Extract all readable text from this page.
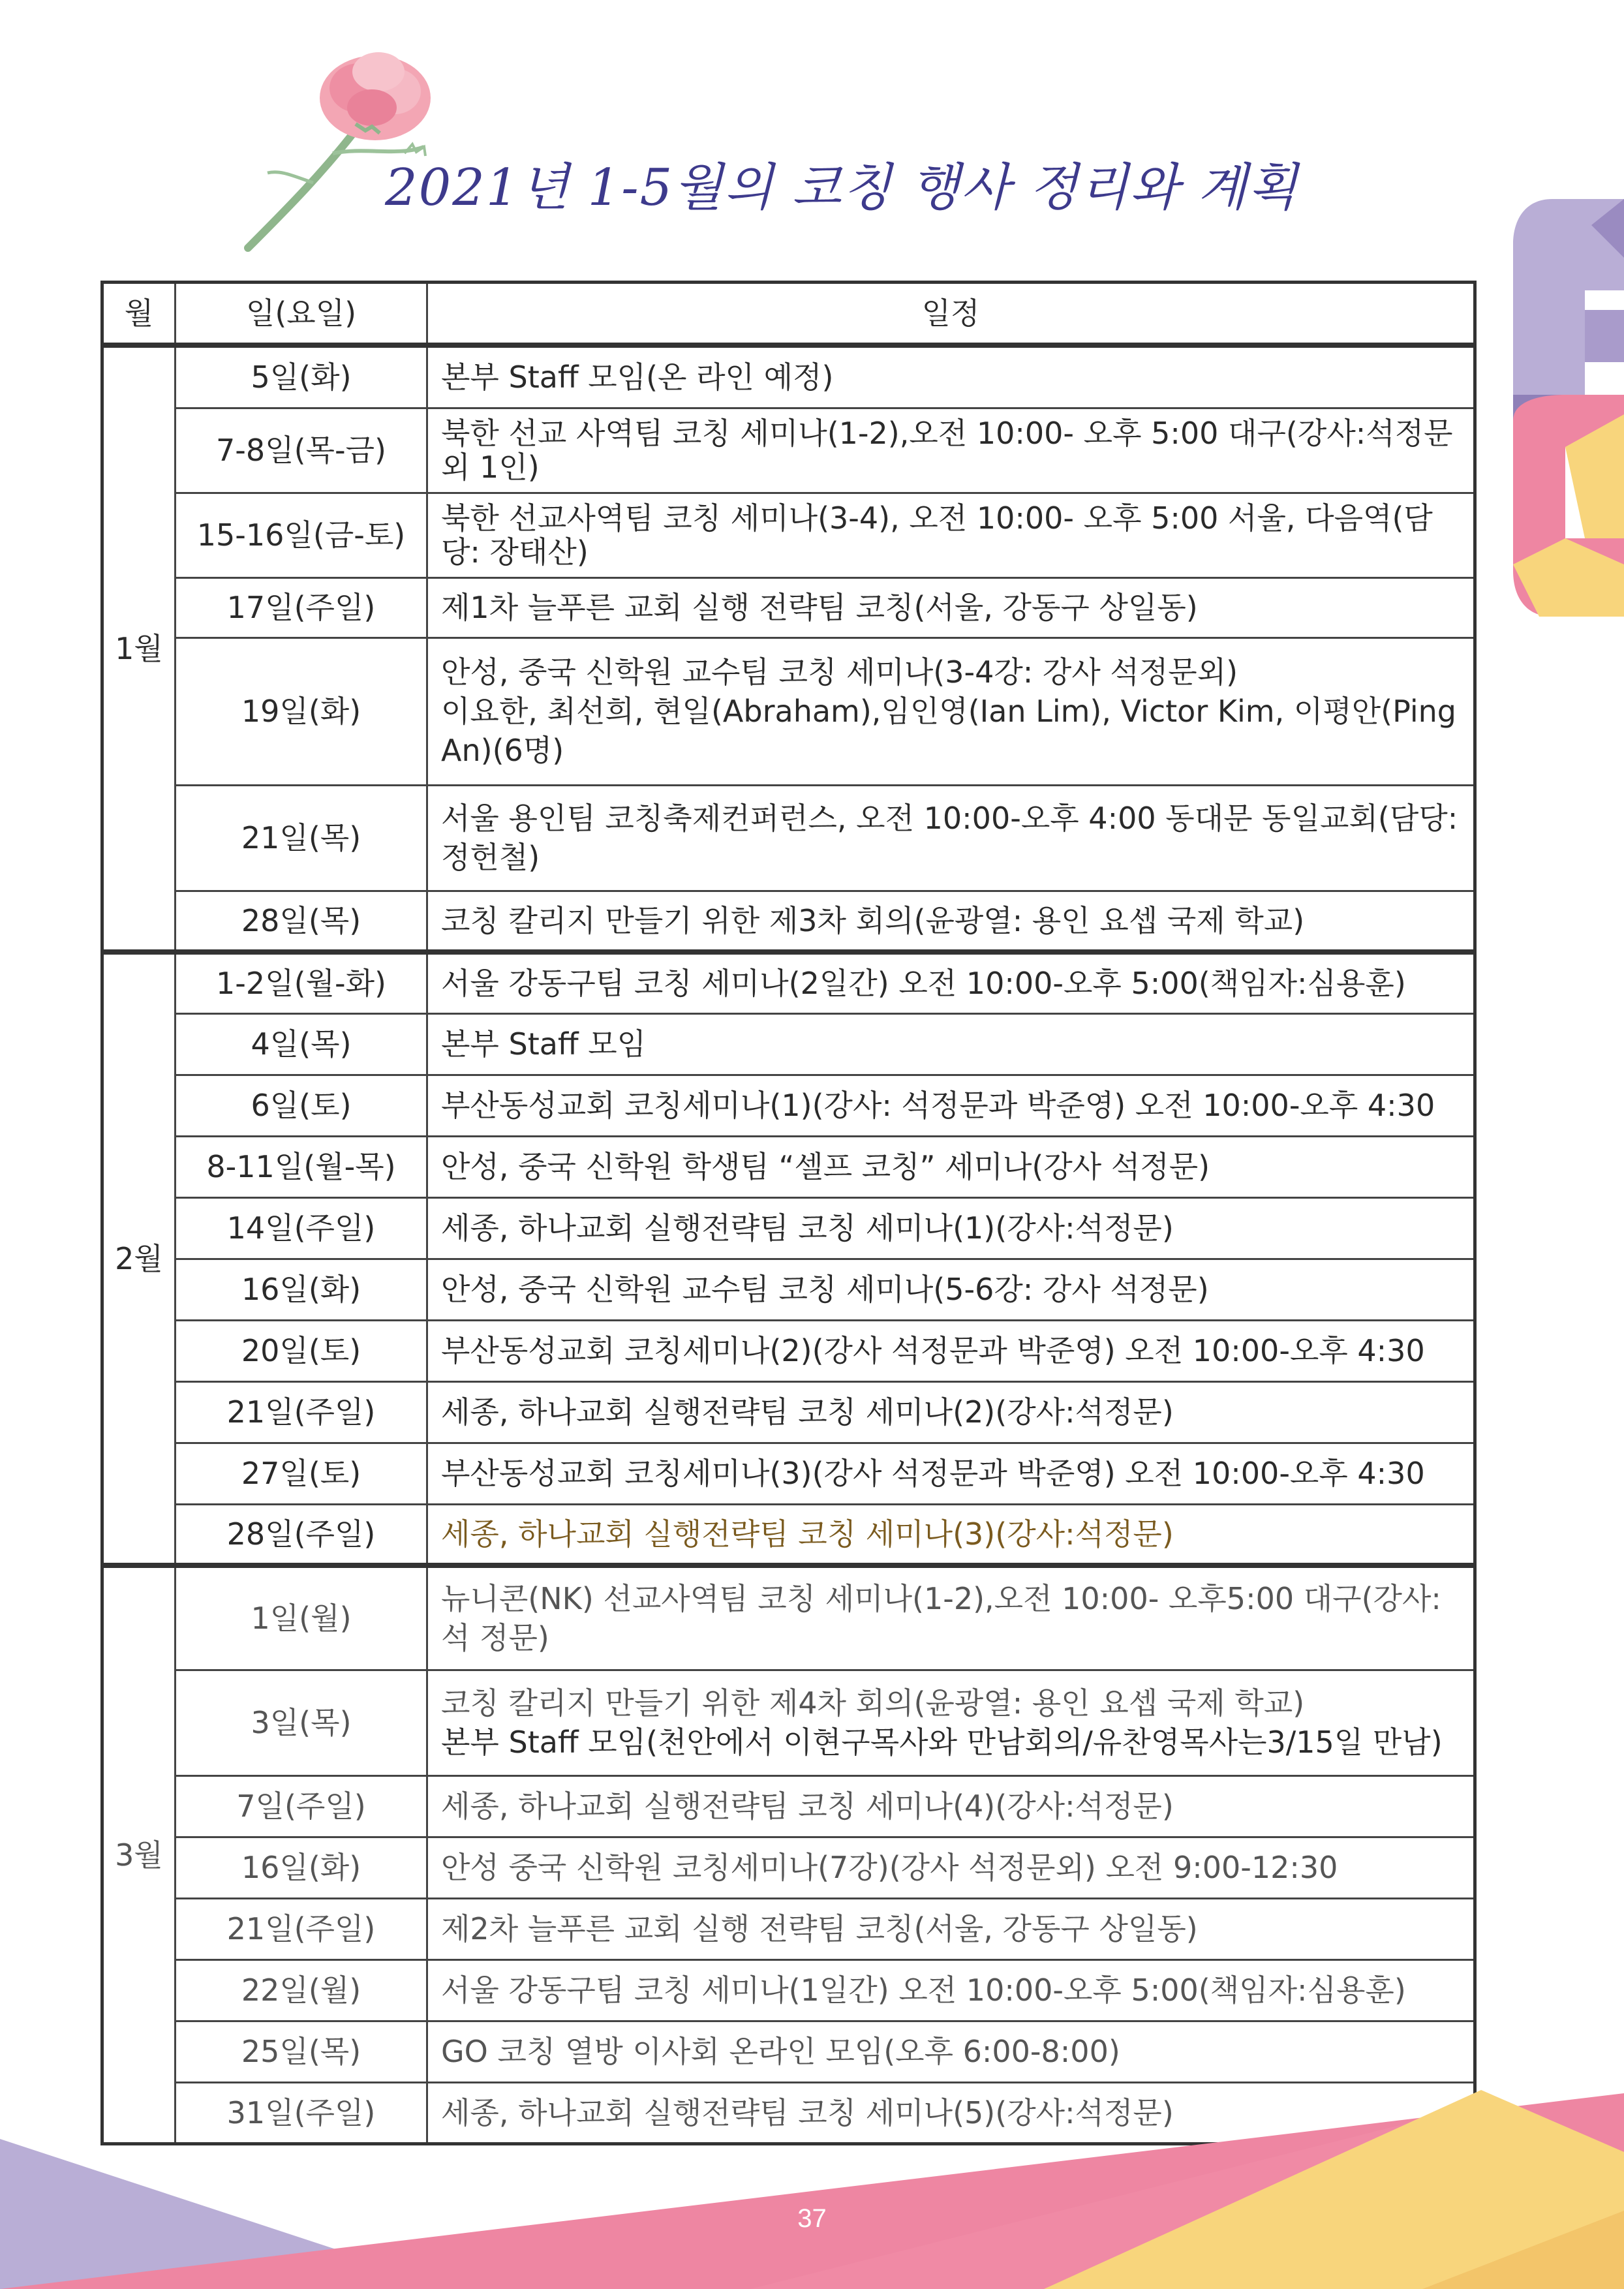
2021년 1-5월의 코칭 행사 정리와 계획
월	일(요일)	일정
1월	5일(화)	본부 Staff 모임(온 라인 예정)

	7-8일(목-금)	북한 선교 사역팀 코칭 세미나(1-2),오전 10:00- 오후 5:00 대구(강사:석정문 외 1인)

	15-16일(금-토)	북한 선교사역팀 코칭 세미나(3-4), 오전 10:00- 오후 5:00 서울, 다음역(담당: 장태산)

	17일(주일)	제1차 늘푸른 교회 실행 전략팀 코칭(서울, 강동구 상일동)

	19일(화)	안성, 중국 신학원 교수팀 코칭 세미나(3-4강: 강사 석정문외)
이요한, 최선희, 현일(Abraham),임인영(Ian Lim), Victor Kim, 이평안(Ping An)(6명)

	21일(목)	서울 용인팀 코칭축제컨퍼런스, 오전 10:00-오후 4:00 동대문 동일교회(담당: 정헌철)

	28일(목)	코칭 칼리지 만들기 위한 제3차 회의(윤광열: 용인 요셉 국제 학교)

2월	1-2일(월-화)	서울 강동구팀 코칭 세미나(2일간) 오전 10:00-오후 5:00(책임자:심용훈)

	4일(목)	본부 Staff 모임

	6일(토)	부산동성교회 코칭세미나(1)(강사: 석정문과 박준영) 오전 10:00-오후 4:30

	8-11일(월-목)	안성, 중국 신학원 학생팀 “셀프 코칭” 세미나(강사 석정문)

	14일(주일)	세종, 하나교회 실행전략팀 코칭 세미나(1)(강사:석정문)

	16일(화)	안성, 중국 신학원 교수팀 코칭 세미나(5-6강: 강사 석정문)

	20일(토)	부산동성교회 코칭세미나(2)(강사 석정문과 박준영) 오전 10:00-오후 4:30

	21일(주일)	세종, 하나교회 실행전략팀 코칭 세미나(2)(강사:석정문)

	27일(토)	부산동성교회 코칭세미나(3)(강사 석정문과 박준영) 오전 10:00-오후 4:30

	28일(주일)	세종, 하나교회 실행전략팀 코칭 세미나(3)(강사:석정문)

3월	1일(월)	뉴니콘(NK) 선교사역팀 코칭 세미나(1-2),오전 10:00- 오후5:00 대구(강사:석 정문)

	3일(목)	코칭 칼리지 만들기 위한 제4차 회의(윤광열: 용인 요셉 국제 학교)
본부 Staff 모임(천안에서 이현구목사와 만남회의/유찬영목사는3/15일 만남)

	7일(주일)	세종, 하나교회 실행전략팀 코칭 세미나(4)(강사:석정문)

	16일(화)	안성 중국 신학원 코칭세미나(7강)(강사 석정문외) 오전 9:00-12:30

	21일(주일)	제2차 늘푸른 교회 실행 전략팀 코칭(서울, 강동구 상일동)

	22일(월)	서울 강동구팀 코칭 세미나(1일간) 오전 10:00-오후 5:00(책임자:심용훈)

	25일(목)	GO 코칭 열방 이사회 온라인 모임(오후 6:00-8:00)

	31일(주일)	세종, 하나교회 실행전략팀 코칭 세미나(5)(강사:석정문)
37
